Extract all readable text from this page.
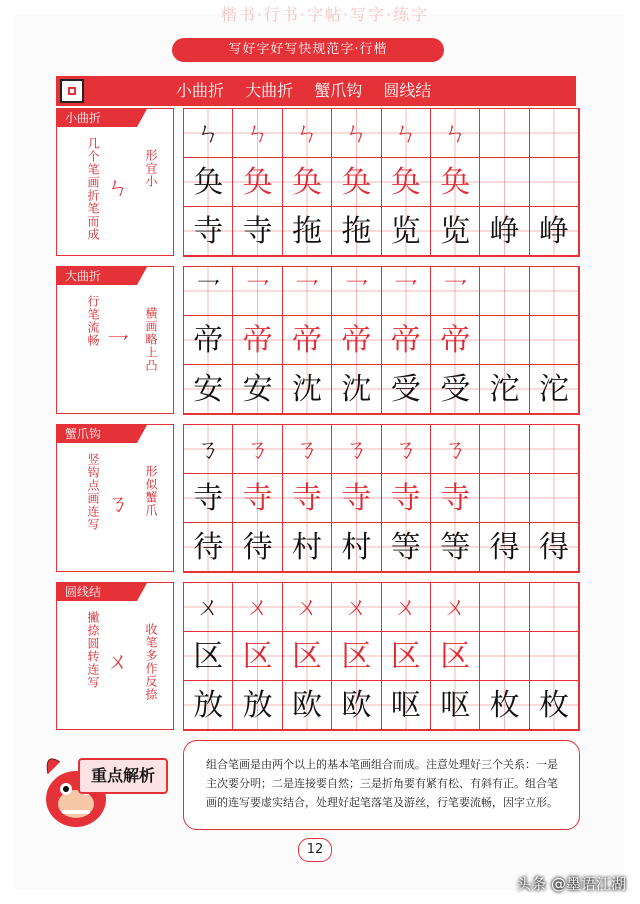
楷书·行书·字帖·写字·练字
写好字好写快规范字·行楷
小曲折 大曲折 蟹爪钩 圆线结
小曲折
几个笔画折笔而成 ㄣ
形宜小
ㄣ	ㄣ	ㄣ	ㄣ	ㄣ	ㄣ
奂 奂 奂 奂 奂 奂
寺 寺 拖 拖 览 览 峥 峥
大曲折
行笔流畅 乛 横画略上凸
乛	乛	乛	乛	乛	乛
帝 帝 帝 帝 帝 帝
安 安 沈 沈 受 受 沱 沱
蟹爪钩
竖钩点画连写 ㄋ 形似蟹爪
ㄋ	ㄋ	ㄋ	ㄋ	ㄋ	ㄋ
寺 寺 寺 寺 寺 寺
待 待 村 村 等 等 得 得
圆线结
撇捺圆转连写 ㄨ 收笔多作反捺
ㄨ	ㄨ	ㄨ	ㄨ	ㄨ	ㄨ
区 区 区 区 区 区
放 放 欧 欧 呕 呕 枚 枚
重点解析

组合笔画是由两个以上的基本笔画组合而成。注意处理好三个关系：一是主次要分明；二是连接要自然；三是折角要有紧有松、有斜有正。组合笔画的连写要虚实结合，处理好起笔落笔及游丝，行笔要流畅，因字立形。

12
头条 @墨语江湖
